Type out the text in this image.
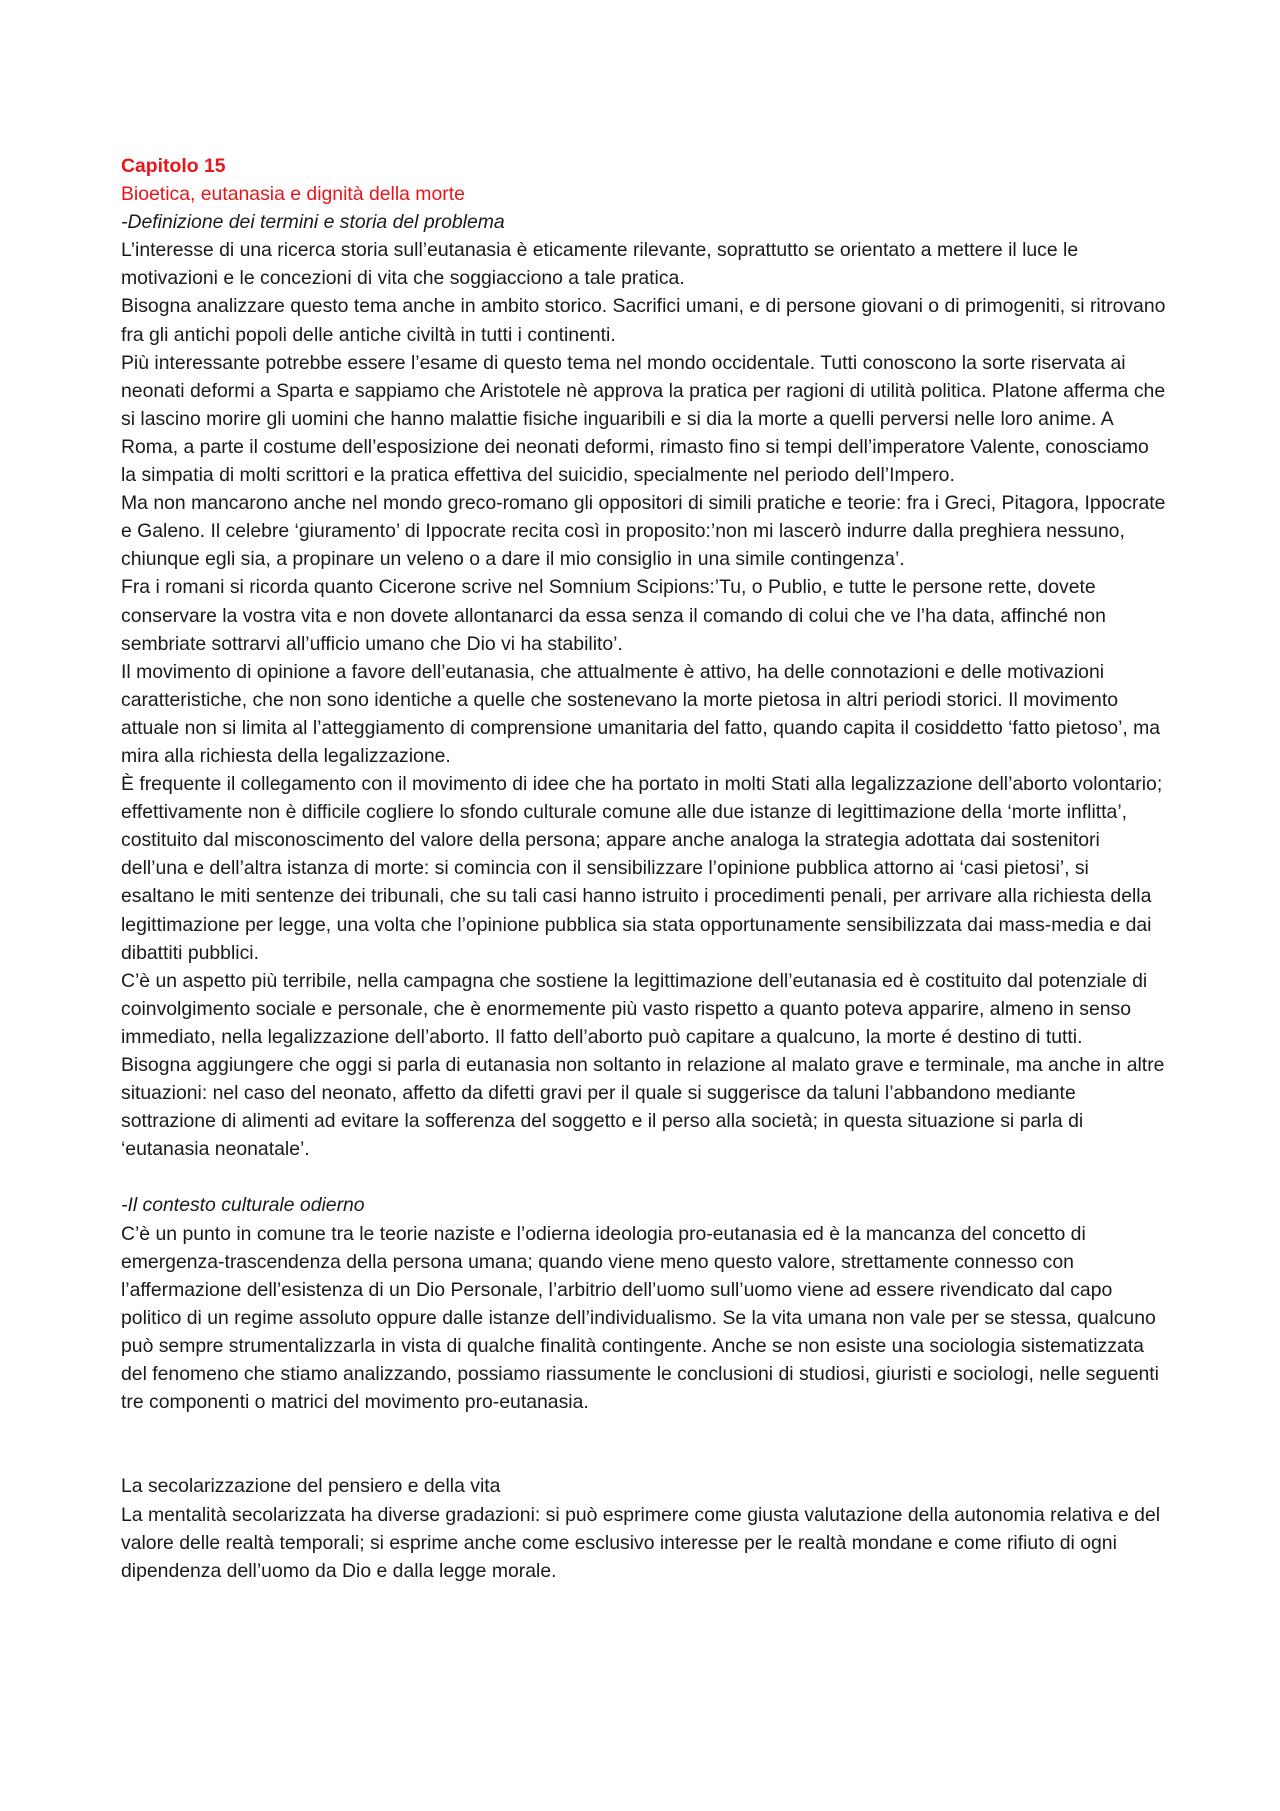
Capitolo 15

Bioetica, eutanasia e dignità della morte

-Definizione dei termini e storia del problema

L’interesse di una ricerca storia sull’eutanasia è eticamente rilevante, soprattutto se orientato a mettere il luce le motivazioni e le concezioni di vita che soggiacciono a tale pratica.

Bisogna analizzare questo tema anche in ambito storico. Sacrifici umani, e di persone giovani o di primogeniti, si ritrovano fra gli antichi popoli delle antiche civiltà in tutti i continenti.

Più interessante potrebbe essere l’esame di questo tema nel mondo occidentale. Tutti conoscono la sorte riservata ai neonati deformi a Sparta e sappiamo che Aristotele nè approva la pratica per ragioni di utilità politica. Platone afferma che si lascino morire gli uomini che hanno malattie fisiche inguaribili e si dia la morte a quelli perversi nelle loro anime. A Roma, a parte il costume dell’esposizione dei neonati deformi, rimasto fino si tempi dell’imperatore Valente, conosciamo la simpatia di molti scrittori e la pratica effettiva del suicidio, specialmente nel periodo dell’Impero.

Ma non mancarono anche nel mondo greco-romano gli oppositori di simili pratiche e teorie: fra i Greci, Pitagora, Ippocrate e Galeno. Il celebre ‘giuramento’ di Ippocrate recita così in proposito:’non mi lascerò indurre dalla preghiera nessuno, chiunque egli sia, a propinare un veleno o a dare il mio consiglio in una simile contingenza’.

Fra i romani si ricorda quanto Cicerone scrive nel Somnium Scipions:’Tu, o Publio, e tutte le persone rette, dovete conservare la vostra vita e non dovete allontanarci da essa senza il comando di colui che ve l’ha data, affinché non sembriate sottrarvi all’ufficio umano che Dio vi ha stabilito’.

Il movimento di opinione a favore dell’eutanasia, che attualmente è attivo, ha delle connotazioni e delle motivazioni caratteristiche, che non sono identiche a quelle che sostenevano la morte pietosa in altri periodi storici. Il movimento attuale non si limita al l’atteggiamento di comprensione umanitaria del fatto, quando capita il cosiddetto ‘fatto pietoso’, ma mira alla richiesta della legalizzazione.

È frequente il collegamento con il movimento di idee che ha portato in molti Stati alla legalizzazione dell’aborto volontario; effettivamente non è difficile cogliere lo sfondo culturale comune alle due istanze di legittimazione della ‘morte inflitta’, costituito dal misconoscimento del valore della persona; appare anche analoga la strategia adottata dai sostenitori dell’una e dell’altra istanza di morte: si comincia con il sensibilizzare l’opinione pubblica attorno ai ‘casi pietosi’, si esaltano le miti sentenze dei tribunali, che su tali casi hanno istruito i procedimenti penali, per arrivare alla richiesta della legittimazione per legge, una volta che l’opinione pubblica sia stata opportunamente sensibilizzata dai mass-media e dai dibattiti pubblici.

C’è un aspetto più terribile, nella campagna che sostiene la legittimazione dell’eutanasia ed è costituito dal potenziale di coinvolgimento sociale e personale, che è enormemente più vasto rispetto a quanto poteva apparire, almeno in senso immediato, nella legalizzazione dell’aborto. Il fatto dell’aborto può capitare a qualcuno, la morte é destino di tutti.

Bisogna aggiungere che oggi si parla di eutanasia non soltanto in relazione al malato grave e terminale, ma anche in altre situazioni: nel caso del neonato, affetto da difetti gravi per il quale si suggerisce da taluni l’abbandono mediante sottrazione di alimenti ad evitare la sofferenza del soggetto e il perso alla società; in questa situazione si parla di ‘eutanasia neonatale’.

-Il contesto culturale odierno

C’è un punto in comune tra le teorie naziste e l’odierna ideologia pro-eutanasia ed è la mancanza del concetto di emergenza-trascendenza della persona umana; quando viene meno questo valore, strettamente connesso con l’affermazione dell’esistenza di un Dio Personale, l’arbitrio dell’uomo sull’uomo viene ad essere rivendicato dal capo politico di un regime assoluto oppure dalle istanze dell’individualismo. Se la vita umana non vale per se stessa, qualcuno può sempre strumentalizzarla in vista di qualche finalità contingente. Anche se non esiste una sociologia sistematizzata del fenomeno che stiamo analizzando, possiamo riassumente le conclusioni di studiosi, giuristi e sociologi, nelle seguenti tre componenti o matrici del movimento pro-eutanasia.

La secolarizzazione del pensiero e della vita

La mentalità secolarizzata ha diverse gradazioni: si può esprimere come giusta valutazione della autonomia relativa e del valore delle realtà temporali; si esprime anche come esclusivo interesse per le realtà mondane e come rifiuto di ogni dipendenza dell’uomo da Dio e dalla legge morale.
